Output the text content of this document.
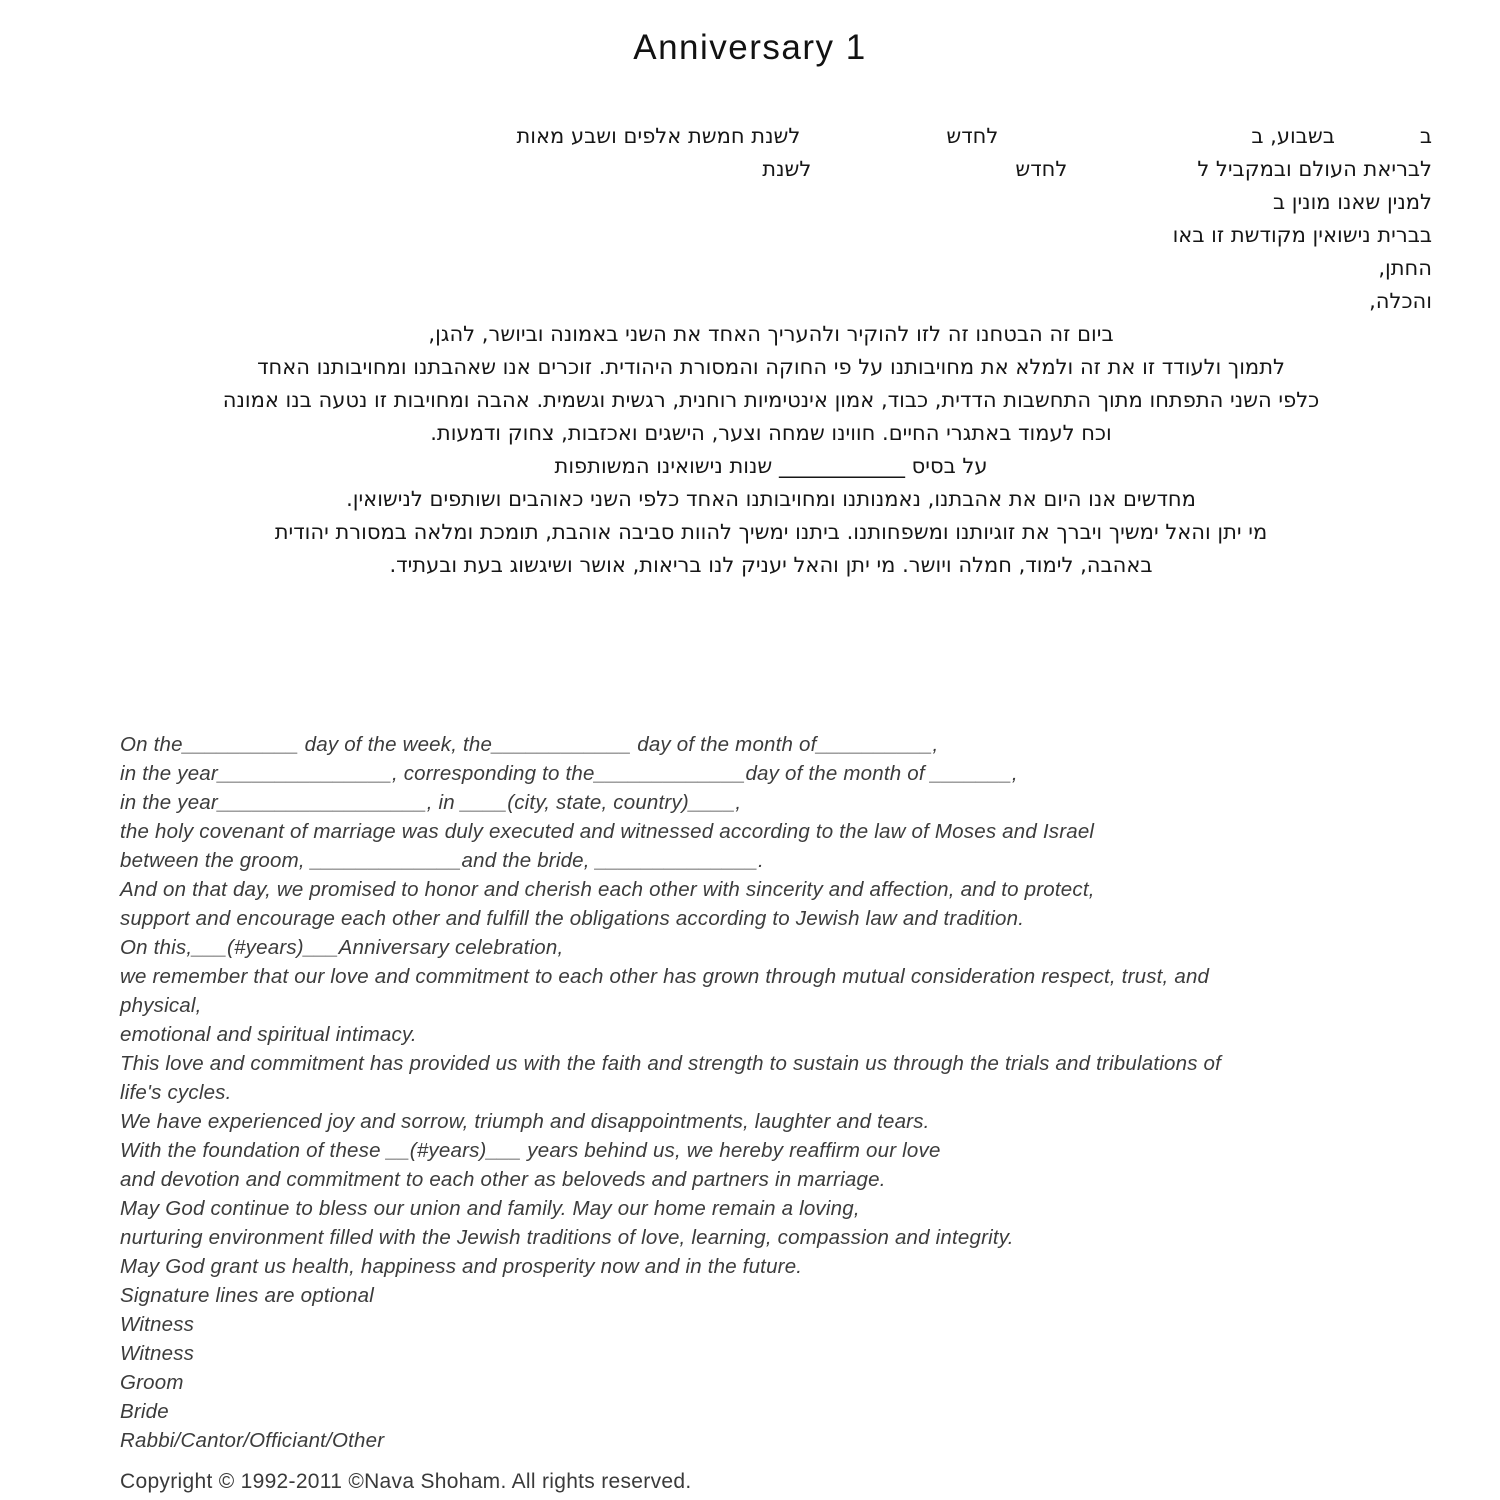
Anniversary 1
בבשבוע, בלחדשלשנת חמשת אלפים ושבע מאות
לבריאת העולם ובמקביל ללחדשלשנת
למנין שאנו מונין ב
בברית נישואין מקודשת זו באו
החתן,
והכלה,
ביום זה הבטחנו זה לזו להוקיר ולהעריך האחד את השני באמונה וביושר, להגן,
לתמוך ולעודד זו את זה ולמלא את מחויבותנו על פי החוקה והמסורת היהודית. זוכרים אנו שאהבתנו ומחויבותנו האחד
כלפי השני התפתחו מתוך התחשבות הדדית, כבוד, אמון אינטימיות רוחנית, רגשית וגשמית. אהבה ומחויבות זו נטעה בנו אמונה
וכח לעמוד באתגרי החיים. חווינו שמחה וצער, הישגים ואכזבות, צחוק ודמעות.
על בסיס ____________ שנות נישואינו המשותפות
מחדשים אנו היום את אהבתנו, נאמנותנו ומחויבותנו האחד כלפי השני כאוהבים ושותפים לנישואין.
מי יתן והאל ימשיך ויברך את זוגיותנו ומשפחותנו. ביתנו ימשיך להוות סביבה אוהבת, תומכת ומלאה במסורת יהודית
באהבה, לימוד, חמלה ויושר. מי יתן והאל יעניק לנו בריאות, אושר ושיגשוג בעת ובעתיד.
On the__________ day of the week, the____________ day of the month of__________,
in the year_______________, corresponding to the_____________day of the month of _______,
in the year__________________, in ____(city, state, country)____,
the holy covenant of marriage was duly executed and witnessed according to the law of Moses and Israel
between the groom, _____________and the bride, ______________.
And on that day, we promised to honor and cherish each other with sincerity and affection, and to protect,
support and encourage each other and fulfill the obligations according to Jewish law and tradition.
On this,___(#years)___Anniversary celebration,
we remember that our love and commitment to each other has grown through mutual consideration respect, trust, and
physical,
emotional and spiritual intimacy.
This love and commitment has provided us with the faith and strength to sustain us through the trials and tribulations of
life's cycles.
We have experienced joy and sorrow, triumph and disappointments, laughter and tears.
With the foundation of these __(#years)___ years behind us, we hereby reaffirm our love
and devotion and commitment to each other as beloveds and partners in marriage.
May God continue to bless our union and family. May our home remain a loving,
nurturing environment filled with the Jewish traditions of love, learning, compassion and integrity.
May God grant us health, happiness and prosperity now and in the future.
Signature lines are optional
Witness
Witness
Groom
Bride
Rabbi/Cantor/Officiant/Other
Copyright © 1992-2011 ©Nava Shoham. All rights reserved.
